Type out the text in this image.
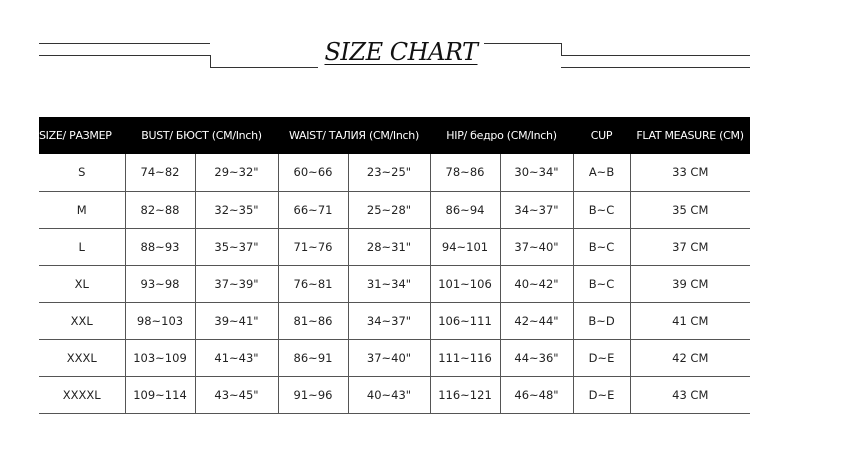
SIZE CHART
SIZE/ РАЗМЕР	BUST/ БЮСТ (CM/Inch)		WAIST/ ТАЛИЯ (CM/Inch)		HIP/ бедро (CM/Inch)		CUP	FLAT MEASURE (CM)
S	74~82	29~32"	60~66	23~25"	78~86	30~34"	A~B	33 CM
M	82~88	32~35"	66~71	25~28"	86~94	34~37"	B~C	35 CM
L	88~93	35~37"	71~76	28~31"	94~101	37~40"	B~C	37 CM
XL	93~98	37~39"	76~81	31~34"	101~106	40~42"	B~C	39 CM
XXL	98~103	39~41"	81~86	34~37"	106~111	42~44"	B~D	41 CM
XXXL	103~109	41~43"	86~91	37~40"	111~116	44~36"	D~E	42 CM
XXXXL	109~114	43~45"	91~96	40~43"	116~121	46~48"	D~E	43 CM
